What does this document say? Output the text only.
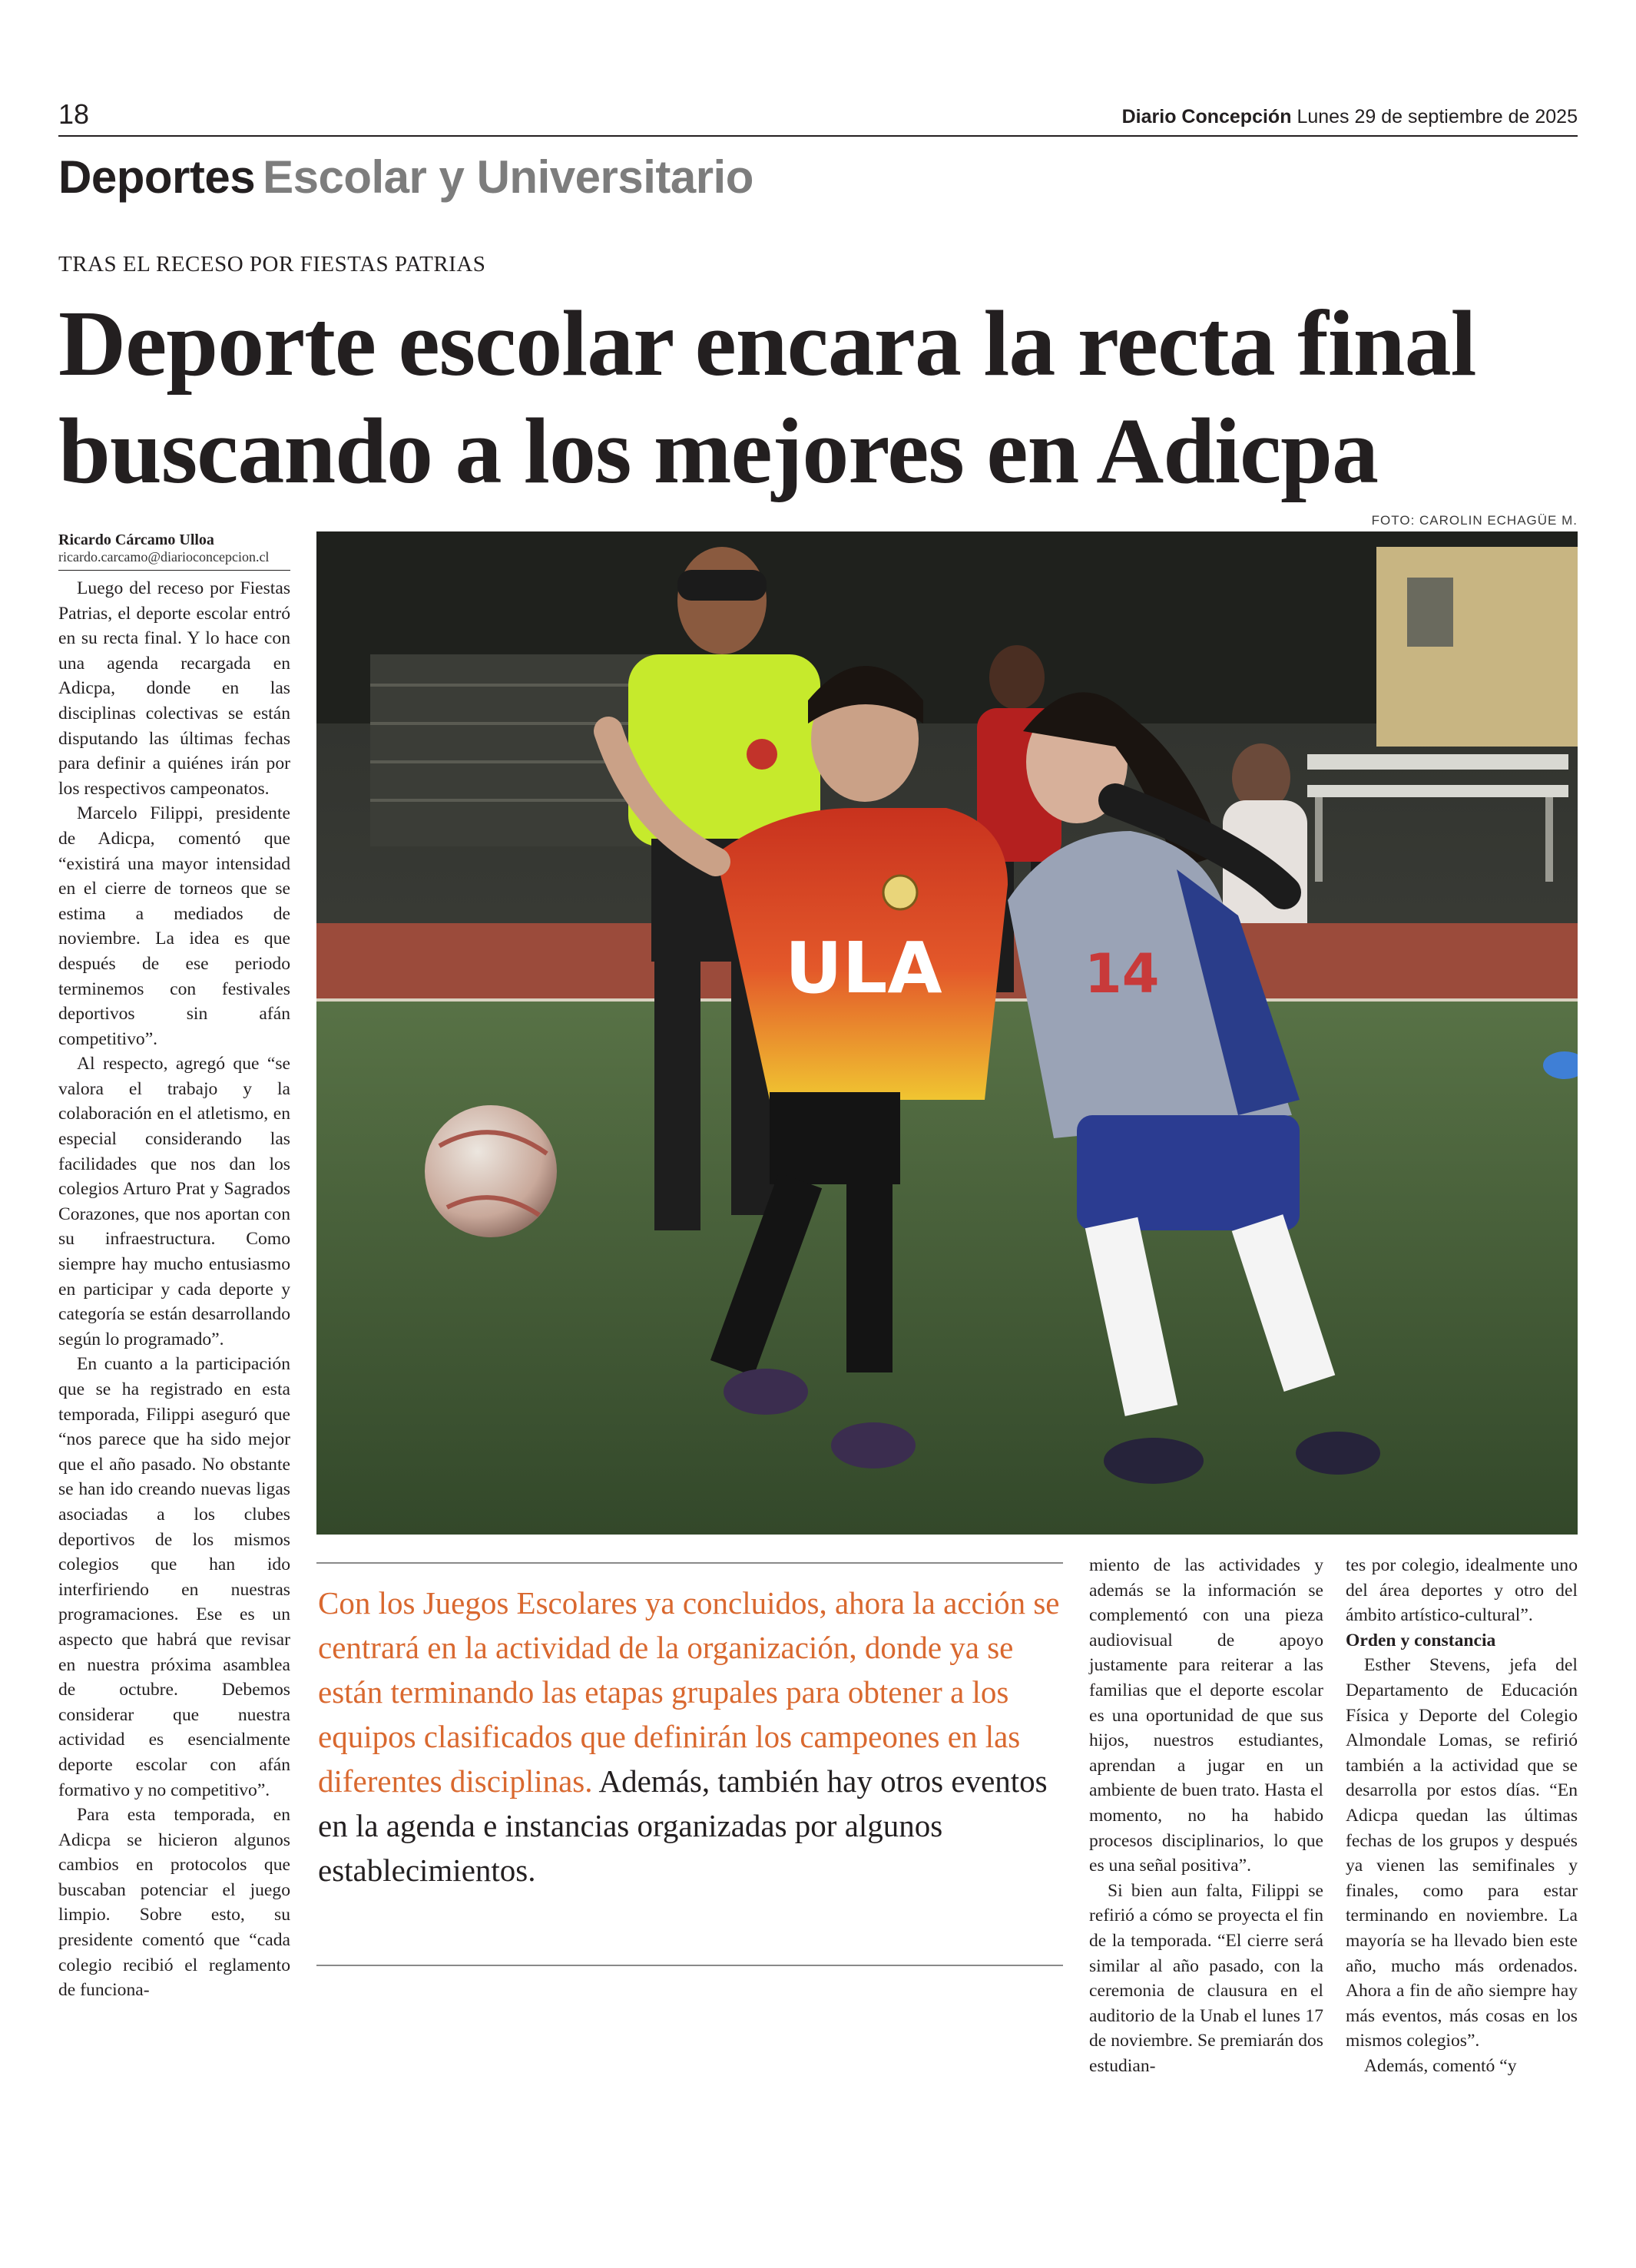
18	Diario Concepción Lunes 29 de septiembre de 2025
Deportes Escolar y Universitario
TRAS EL RECESO POR FIESTAS PATRIAS
Deporte escolar encara la recta final
buscando a los mejores en Adicpa
FOTO: CAROLIN ECHAGÜE M.
Ricardo Cárcamo Ulloa
ricardo.carcamo@diarioconcepcion.cl

Luego del receso por Fiestas Patrias, el deporte escolar entró en su recta final. Y lo hace con una agenda recargada en Adicpa, donde en las disciplinas colectivas se están disputando las últimas fechas para definir a quiénes irán por los respectivos campeonatos.

Marcelo Filippi, presidente de Adicpa, comentó que “existirá una mayor intensidad en el cierre de torneos que se estima a mediados de noviembre. La idea es que después de ese periodo terminemos con festivales deportivos sin afán competitivo”.

Al respecto, agregó que “se valora el trabajo y la colaboración en el atletismo, en especial considerando las facilidades que nos dan los colegios Arturo Prat y Sagrados Corazones, que nos aportan con su infraestructura. Como siempre hay mucho entusiasmo en participar y cada deporte y categoría se están desarrollando según lo programado”.

En cuanto a la participación que se ha registrado en esta temporada, Filippi aseguró que “nos parece que ha sido mejor que el año pasado. No obstante se han ido creando nuevas ligas asociadas a los clubes deportivos de los mismos colegios que han ido interfiriendo en nuestras programaciones. Ese es un aspecto que habrá que revisar en nuestra próxima asamblea de octubre. Debemos considerar que nuestra actividad es esencialmente deporte escolar con afán formativo y no competitivo”.

Para esta temporada, en Adicpa se hicieron algunos cambios en protocolos que buscaban potenciar el juego limpio. Sobre esto, su presidente comentó que “cada colegio recibió el reglamento de funciona-

ULA	14
Con los Juegos Escolares ya concluidos, ahora la acción se centrará en la actividad de la organización, donde ya se están terminando las etapas grupales para obtener a los equipos clasificados que definirán los campeones en las diferentes disciplinas. Además, también hay otros eventos en la agenda e instancias organizadas por algunos establecimientos.

miento de las actividades y además se la información se complementó con una pieza audiovisual de apoyo justamente para reiterar a las familias que el deporte escolar es una oportunidad de que sus hijos, nuestros estudiantes, aprendan a jugar en un ambiente de buen trato. Hasta el momento, no ha habido procesos disciplinarios, lo que es una señal positiva”.

Si bien aun falta, Filippi se refirió a cómo se proyecta el fin de la temporada. “El cierre será similar al año pasado, con la ceremonia de clausura en el auditorio de la Unab el lunes 17 de noviembre. Se premiarán dos estudian-

tes por colegio, idealmente uno del área deportes y otro del ámbito artístico-cultural”.

Orden y constancia

Esther Stevens, jefa del Departamento de Educación Física y Deporte del Colegio Almondale Lomas, se refirió también a la actividad que se desarrolla por estos días. “En Adicpa quedan las últimas fechas de los grupos y después ya vienen las semifinales y finales, como para estar terminando en noviembre. La mayoría se ha llevado bien este año, mucho más ordenados. Ahora a fin de año siempre hay más eventos, más cosas en los mismos colegios”.

Además, comentó “y
